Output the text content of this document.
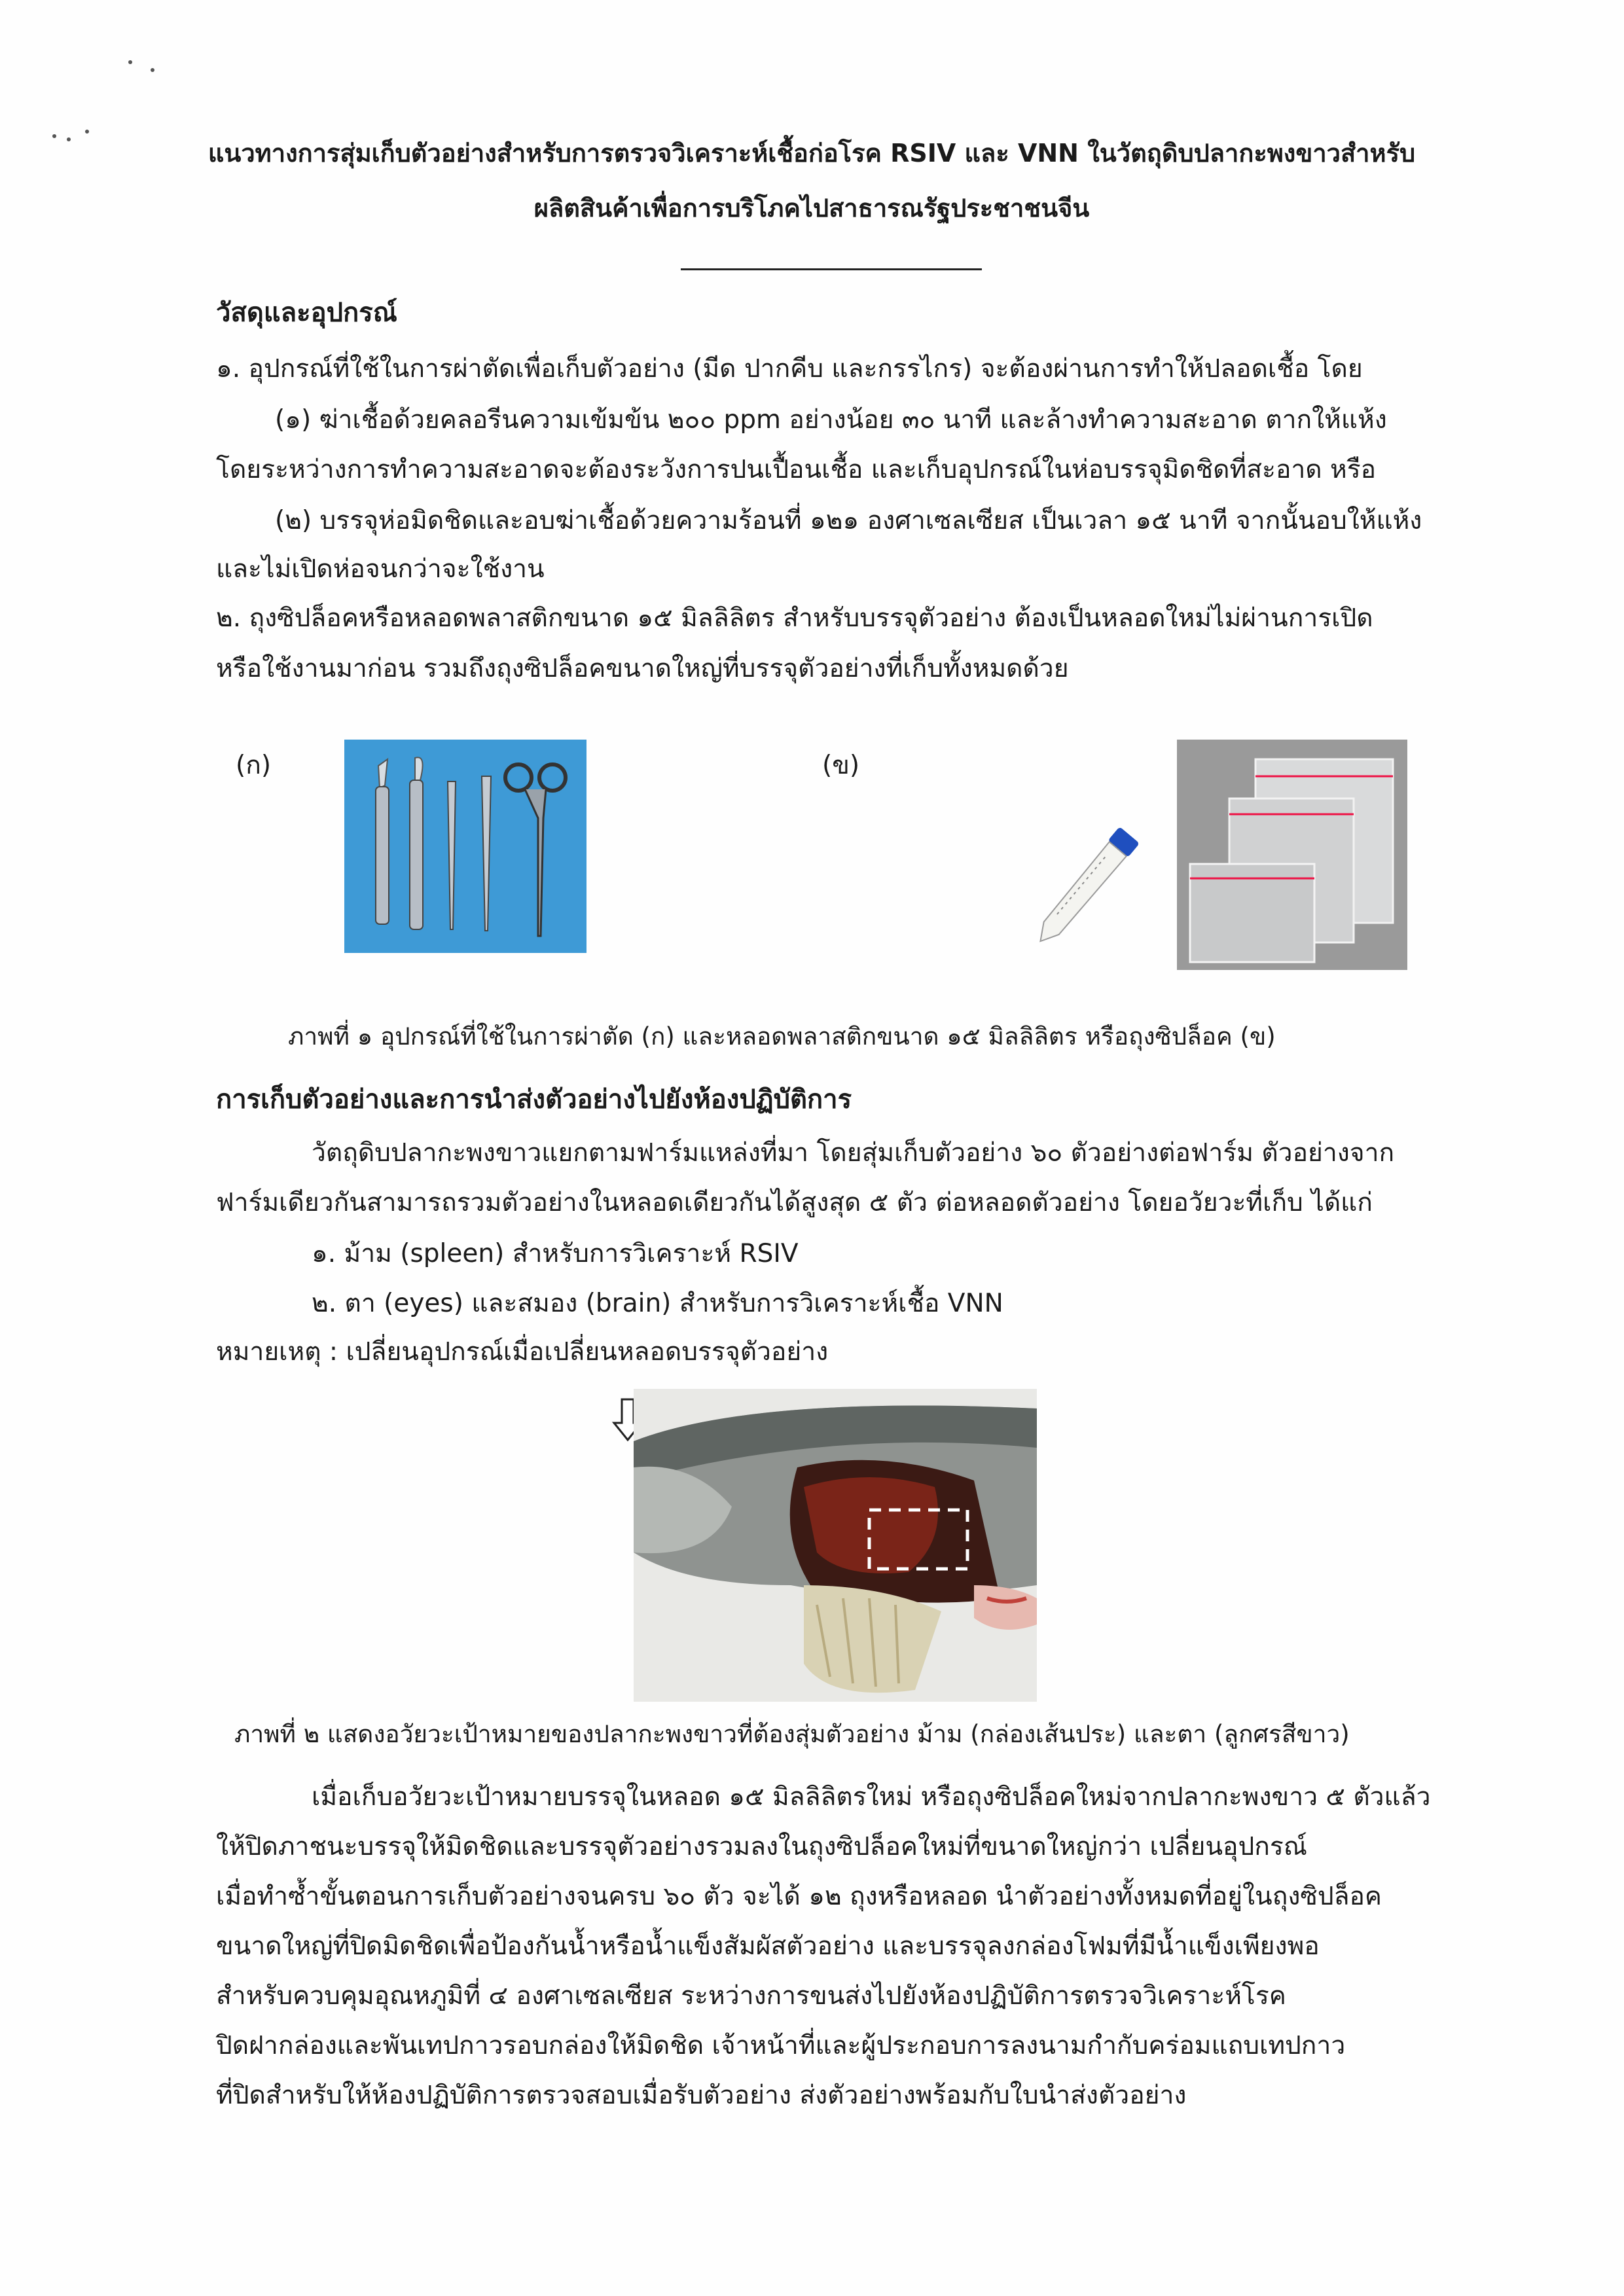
แนวทางการสุ่มเก็บตัวอย่างสำหรับการตรวจวิเคราะห์เชื้อก่อโรค RSIV และ VNN ในวัตถุดิบปลากะพงขาวสำหรับ
ผลิตสินค้าเพื่อการบริโภคไปสาธารณรัฐประชาชนจีน
วัสดุและอุปกรณ์
๑. อุปกรณ์ที่ใช้ในการผ่าตัดเพื่อเก็บตัวอย่าง (มีด ปากคีบ และกรรไกร) จะต้องผ่านการทำให้ปลอดเชื้อ โดย
(๑) ฆ่าเชื้อด้วยคลอรีนความเข้มข้น ๒๐๐ ppm อย่างน้อย ๓๐ นาที และล้างทำความสะอาด ตากให้แห้ง
โดยระหว่างการทำความสะอาดจะต้องระวังการปนเปื้อนเชื้อ และเก็บอุปกรณ์ในห่อบรรจุมิดชิดที่สะอาด หรือ
(๒) บรรจุห่อมิดชิดและอบฆ่าเชื้อด้วยความร้อนที่ ๑๒๑ องศาเซลเซียส เป็นเวลา ๑๕ นาที จากนั้นอบให้แห้ง
และไม่เปิดห่อจนกว่าจะใช้งาน
๒. ถุงซิปล็อคหรือหลอดพลาสติกขนาด ๑๕ มิลลิลิตร สำหรับบรรจุตัวอย่าง ต้องเป็นหลอดใหม่ไม่ผ่านการเปิด
หรือใช้งานมาก่อน รวมถึงถุงซิปล็อคขนาดใหญ่ที่บรรจุตัวอย่างที่เก็บทั้งหมดด้วย
(ก)	(ข)
ภาพที่ ๑ อุปกรณ์ที่ใช้ในการผ่าตัด (ก) และหลอดพลาสติกขนาด ๑๕ มิลลิลิตร หรือถุงซิปล็อค (ข)
การเก็บตัวอย่างและการนำส่งตัวอย่างไปยังห้องปฏิบัติการ
วัตถุดิบปลากะพงขาวแยกตามฟาร์มแหล่งที่มา โดยสุ่มเก็บตัวอย่าง ๖๐ ตัวอย่างต่อฟาร์ม ตัวอย่างจาก
ฟาร์มเดียวกันสามารถรวมตัวอย่างในหลอดเดียวกันได้สูงสุด ๕ ตัว ต่อหลอดตัวอย่าง โดยอวัยวะที่เก็บ ได้แก่
๑. ม้าม (spleen) สำหรับการวิเคราะห์ RSIV
๒. ตา (eyes) และสมอง (brain) สำหรับการวิเคราะห์เชื้อ VNN
หมายเหตุ : เปลี่ยนอุปกรณ์เมื่อเปลี่ยนหลอดบรรจุตัวอย่าง
ภาพที่ ๒ แสดงอวัยวะเป้าหมายของปลากะพงขาวที่ต้องสุ่มตัวอย่าง ม้าม (กล่องเส้นประ) และตา (ลูกศรสีขาว)
เมื่อเก็บอวัยวะเป้าหมายบรรจุในหลอด ๑๕ มิลลิลิตรใหม่ หรือถุงซิปล็อคใหม่จากปลากะพงขาว ๕ ตัวแล้ว
ให้ปิดภาชนะบรรจุให้มิดชิดและบรรจุตัวอย่างรวมลงในถุงซิปล็อคใหม่ที่ขนาดใหญ่กว่า เปลี่ยนอุปกรณ์
เมื่อทำซ้ำขั้นตอนการเก็บตัวอย่างจนครบ ๖๐ ตัว จะได้ ๑๒ ถุงหรือหลอด นำตัวอย่างทั้งหมดที่อยู่ในถุงซิปล็อค
ขนาดใหญ่ที่ปิดมิดชิดเพื่อป้องกันน้ำหรือน้ำแข็งสัมผัสตัวอย่าง และบรรจุลงกล่องโฟมที่มีน้ำแข็งเพียงพอ
สำหรับควบคุมอุณหภูมิที่ ๔ องศาเซลเซียส ระหว่างการขนส่งไปยังห้องปฏิบัติการตรวจวิเคราะห์โรค
ปิดฝากล่องและพันเทปกาวรอบกล่องให้มิดชิด เจ้าหน้าที่และผู้ประกอบการลงนามกำกับคร่อมแถบเทปกาว
ที่ปิดสำหรับให้ห้องปฏิบัติการตรวจสอบเมื่อรับตัวอย่าง ส่งตัวอย่างพร้อมกับใบนำส่งตัวอย่าง
